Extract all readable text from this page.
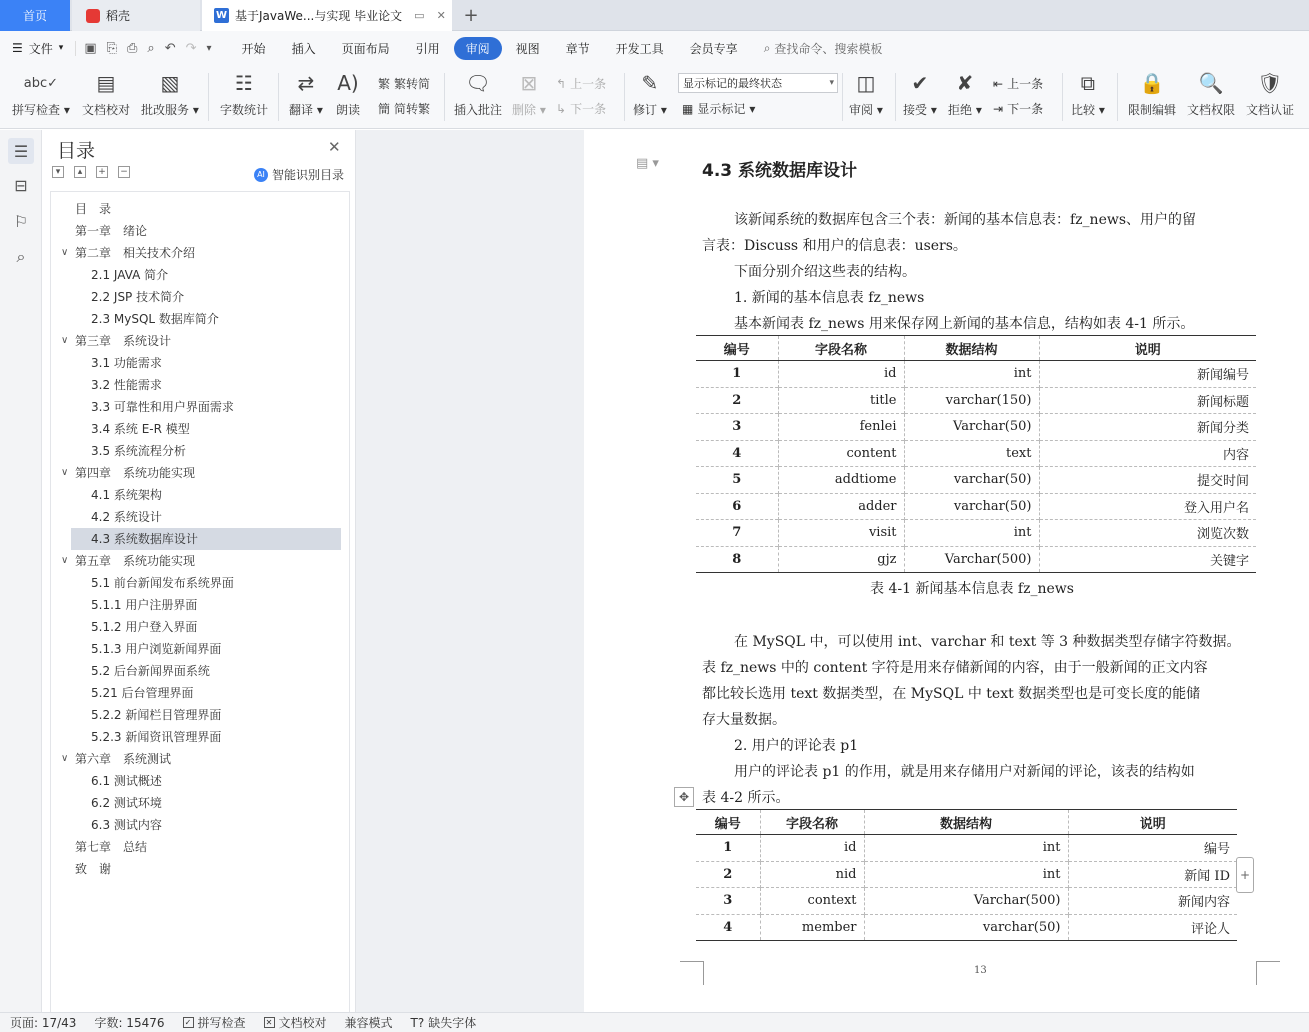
首页	稻壳	W 基于JavaWe...与实现 毕业论文 ▭ ✕ +
☰ 文件 ▾ ▣ ⎘ ⎙ ⌕ ↶ ↷ ▾	开始	插入	页面布局	引用	审阅	视图	章节	开发工具	会员专享	⌕ 查找命令、搜索模板
abc✓
拼写检查 ▾
▤
文档校对
▧
批改服务 ▾
☷
字数统计
⇄
翻译 ▾
A)
朗读
繁 繁转简
簡 简转繁
🗨
插入批注
⊠
删除 ▾
↰ 上一条
↳ 下一条
✎
修订 ▾
显示标记的最终状态	▾
▦ 显示标记 ▾
◫
审阅 ▾
✔
接受 ▾
✘
拒绝 ▾
⇤ 上一条
⇥ 下一条
⧉
比较 ▾
🔒
限制编辑
🔍
文档权限
🛡
文档认证
☰
⊟
⚐
⌕
目录	✕
▾	▴	+ −	AI 智能识别目录
目　录
第一章　绪论
∨ 第二章　相关技术介绍
2.1 JAVA 简介
2.2 JSP 技术简介
2.3 MySQL 数据库简介
∨ 第三章　系统设计
3.1 功能需求
3.2 性能需求
3.3 可靠性和用户界面需求
3.4 系统 E-R 模型
3.5 系统流程分析
∨ 第四章　系统功能实现
4.1 系统架构
4.2 系统设计
4.3 系统数据库设计
∨ 第五章　系统功能实现
5.1 前台新闻发布系统界面
5.1.1 用户注册界面
5.1.2 用户登入界面
5.1.3 用户浏览新闻界面
5.2 后台新闻界面系统
5.21 后台管理界面
5.2.2 新闻栏目管理界面
5.2.3 新闻资讯管理界面
∨ 第六章　系统测试
6.1 测试概述
6.2 测试环境
6.3 测试内容
第七章　总结
致　谢
▤ ▾	4.3 系统数据库设计
该新闻系统的数据库包含三个表：新闻的基本信息表：fz_news、用户的留
言表：Discuss 和用户的信息表：users。
下面分别介绍这些表的结构。
1. 新闻的基本信息表 fz_news
基本新闻表 fz_news 用来保存网上新闻的基本信息，结构如表 4-1 所示。
编号	字段名称	数据结构	说明
1	id	int	新闻编号
2	title	varchar(150)	新闻标题
3	fenlei	Varchar(50)	新闻分类
4	content	text	内容
5	addtiome	varchar(50)	提交时间
6	adder	varchar(50)	登入用户名
7	visit	int	浏览次数
8	gjz	Varchar(500)	关键字
表 4-1 新闻基本信息表 fz_news
在 MySQL 中，可以使用 int、varchar 和 text 等 3 种数据类型存储字符数据。
表 fz_news 中的 content 字符是用来存储新闻的内容，由于一般新闻的正文内容
都比较长选用 text 数据类型，在 MySQL 中 text 数据类型也是可变长度的能储
存大量数据。
2. 用户的评论表 p1
用户的评论表 p1 的作用，就是用来存储用户对新闻的评论，该表的结构如
表 4-2 所示。
✥
编号	字段名称	数据结构	说明
1	id	int	编号
2	nid	int	新闻 ID
3	context	Varchar(500)	新闻内容
4	member	varchar(50)	评论人
+
13
页面: 17/43 字数: 15476	✓ 拼写检查	✕ 文档校对 兼容模式 T? 缺失字体
